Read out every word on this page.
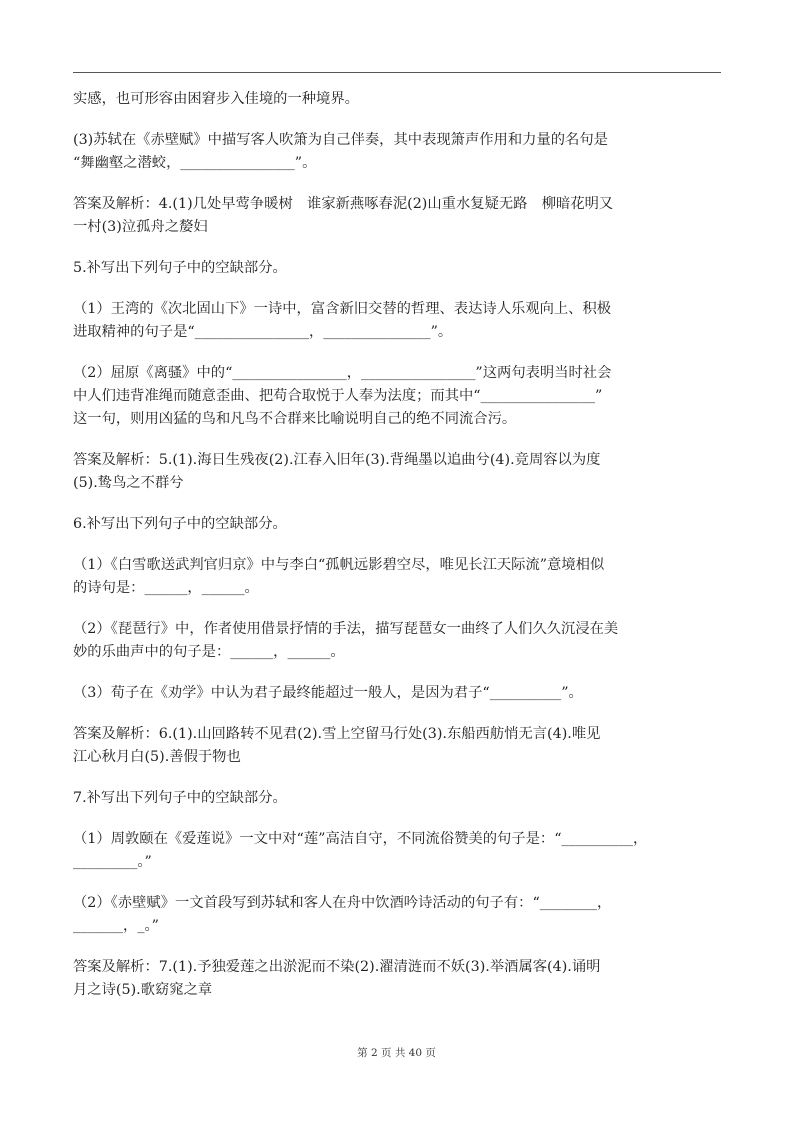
实感，也可形容由困窘步入佳境的一种境界。

(3)苏轼在《赤壁赋》中描写客人吹箫为自己伴奏，其中表现箫声作用和力量的名句是

“舞幽壑之潜蛟，________________”。

答案及解析：4.(1)几处早莺争暖树　谁家新燕啄春泥(2)山重水复疑无路　柳暗花明又

一村(3)泣孤舟之嫠妇

5.补写出下列句子中的空缺部分。

（1）王湾的《次北固山下》一诗中，富含新旧交替的哲理、表达诗人乐观向上、积极

进取精神的句子是“________________，_______________”。

（2）屈原《离骚》中的“________________，________________”这两句表明当时社会

中人们违背准绳而随意歪曲、把苟合取悦于人奉为法度；而其中“________________”

这一句，则用凶猛的鸟和凡鸟不合群来比喻说明自己的绝不同流合污。

答案及解析：5.(1).海日生残夜(2).江春入旧年(3).背绳墨以追曲兮(4).竞周容以为度

(5).鸷鸟之不群兮

6.补写出下列句子中的空缺部分。

（1）《白雪歌送武判官归京》中与李白“孤帆远影碧空尽，唯见长江天际流”意境相似

的诗句是：______，______。

（2）《琵琶行》中，作者使用借景抒情的手法，描写琵琶女一曲终了人们久久沉浸在美

妙的乐曲声中的句子是：______，______。

（3）荀子在《劝学》中认为君子最终能超过一般人，是因为君子“__________”。

答案及解析：6.(1).山回路转不见君(2).雪上空留马行处(3).东船西舫悄无言(4).唯见

江心秋月白(5).善假于物也

7.补写出下列句子中的空缺部分。

（1）周敦颐在《爱莲说》一文中对“莲”高洁自守，不同流俗赞美的句子是：“__________，

_________。”

（2）《赤壁赋》一文首段写到苏轼和客人在舟中饮酒吟诗活动的句子有：“________，

_______，_。”

答案及解析：7.(1).予独爱莲之出淤泥而不染(2).濯清涟而不妖(3).举酒属客(4).诵明

月之诗(5).歌窈窕之章

第 2 页 共 40 页
